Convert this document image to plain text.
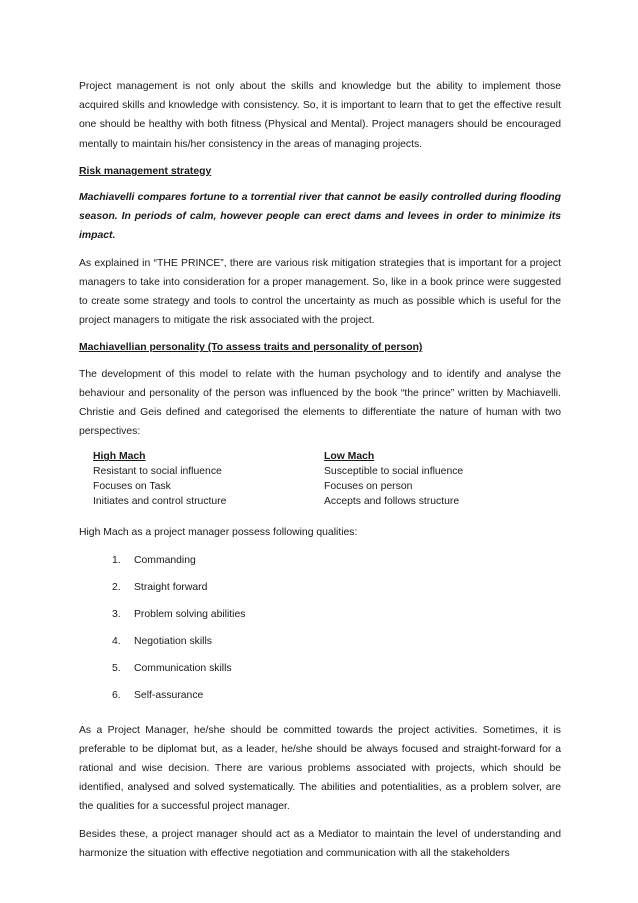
Project management is not only about the skills and knowledge but the ability to implement those acquired skills and knowledge with consistency. So, it is important to learn that to get the effective result one should be healthy with both fitness (Physical and Mental). Project managers should be encouraged mentally to maintain his/her consistency in the areas of managing projects.

Risk management strategy

Machiavelli compares fortune to a torrential river that cannot be easily controlled during flooding season. In periods of calm, however people can erect dams and levees in order to minimize its impact.

As explained in “THE PRINCE”, there are various risk mitigation strategies that is important for a project managers to take into consideration for a proper management. So, like in a book prince were suggested to create some strategy and tools to control the uncertainty as much as possible which is useful for the project managers to mitigate the risk associated with the project.

Machiavellian personality (To assess traits and personality of person)

The development of this model to relate with the human psychology and to identify and analyse the behaviour and personality of the person was influenced by the book “the prince” written by Machiavelli. Christie and Geis defined and categorised the elements to differentiate the nature of human with two perspectives:

High Mach
Resistant to social influence
Focuses on Task
Initiates and control structure
Low Mach
Susceptible to social influence
Focuses on person
Accepts and follows structure

High Mach as a project manager possess following qualities:

1. Commanding
2. Straight forward
3. Problem solving abilities
4. Negotiation skills
5. Communication skills
6. Self-assurance

As a Project Manager, he/she should be committed towards the project activities. Sometimes, it is preferable to be diplomat but, as a leader, he/she should be always focused and straight-forward for a rational and wise decision. There are various problems associated with projects, which should be identified, analysed and solved systematically. The abilities and potentialities, as a problem solver, are the qualities for a successful project manager.

Besides these, a project manager should act as a Mediator to maintain the level of understanding and harmonize the situation with effective negotiation and communication with all the stakeholders
